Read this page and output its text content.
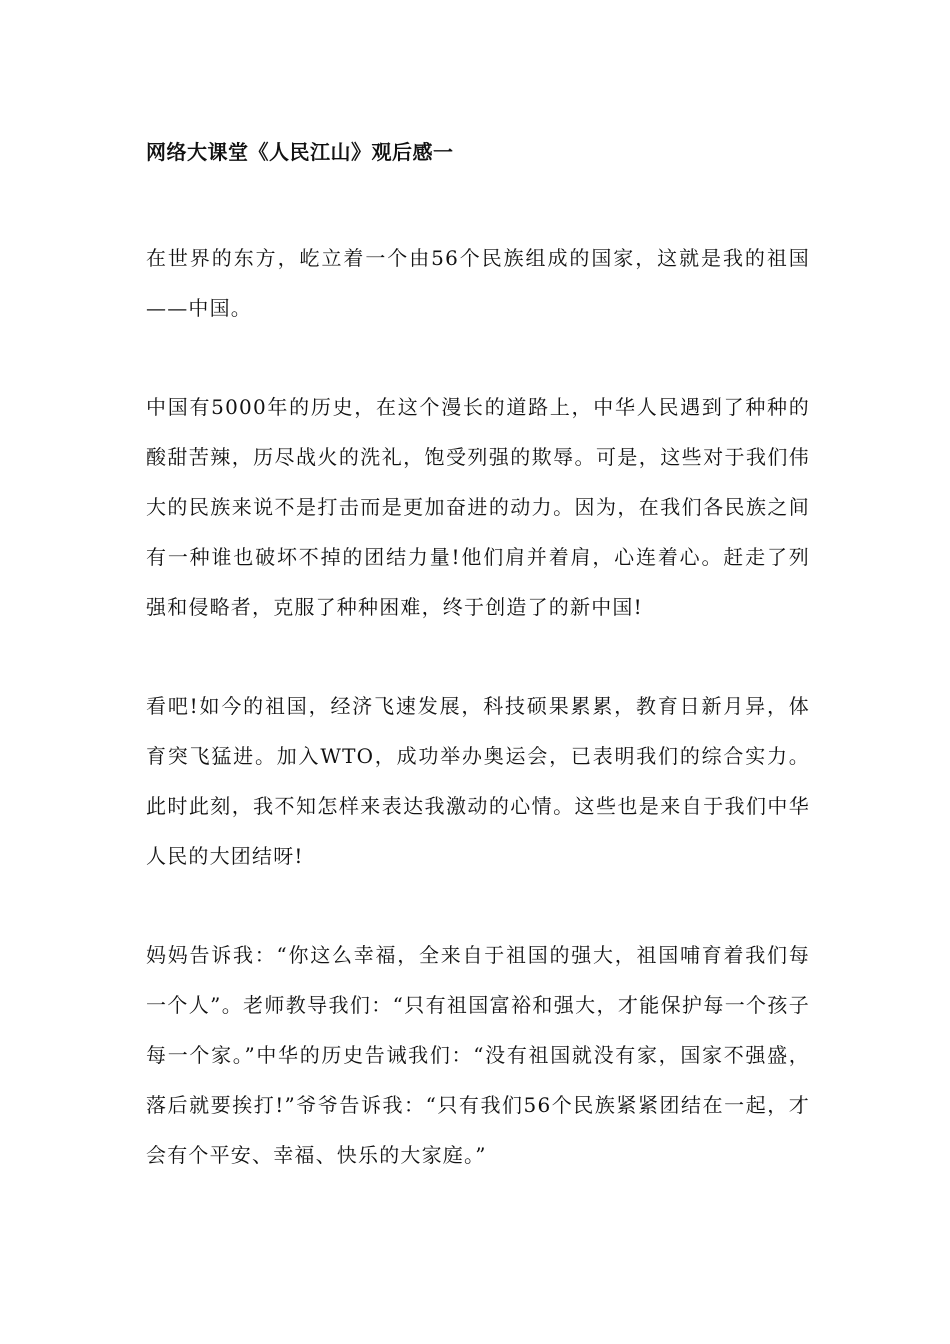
网络大课堂《人民江山》观后感一

在世界的东方，屹立着一个由56个民族组成的国家，这就是我的祖国——中国。

中国有5000年的历史，在这个漫长的道路上，中华人民遇到了种种的酸甜苦辣，历尽战火的洗礼，饱受列强的欺辱。可是，这些对于我们伟大的民族来说不是打击而是更加奋进的动力。因为，在我们各民族之间有一种谁也破坏不掉的团结力量!他们肩并着肩，心连着心。赶走了列强和侵略者，克服了种种困难，终于创造了的新中国!

看吧!如今的祖国，经济飞速发展，科技硕果累累，教育日新月异，体育突飞猛进。加入WTO，成功举办奥运会，已表明我们的综合实力。此时此刻，我不知怎样来表达我激动的心情。这些也是来自于我们中华人民的大团结呀!

妈妈告诉我：“你这么幸福，全来自于祖国的强大，祖国哺育着我们每一个人”。老师教导我们：“只有祖国富裕和强大，才能保护每一个孩子每一个家。”中华的历史告诫我们：“没有祖国就没有家，国家不强盛，落后就要挨打!”爷爷告诉我：“只有我们56个民族紧紧团结在一起，才会有个平安、幸福、快乐的大家庭。”
